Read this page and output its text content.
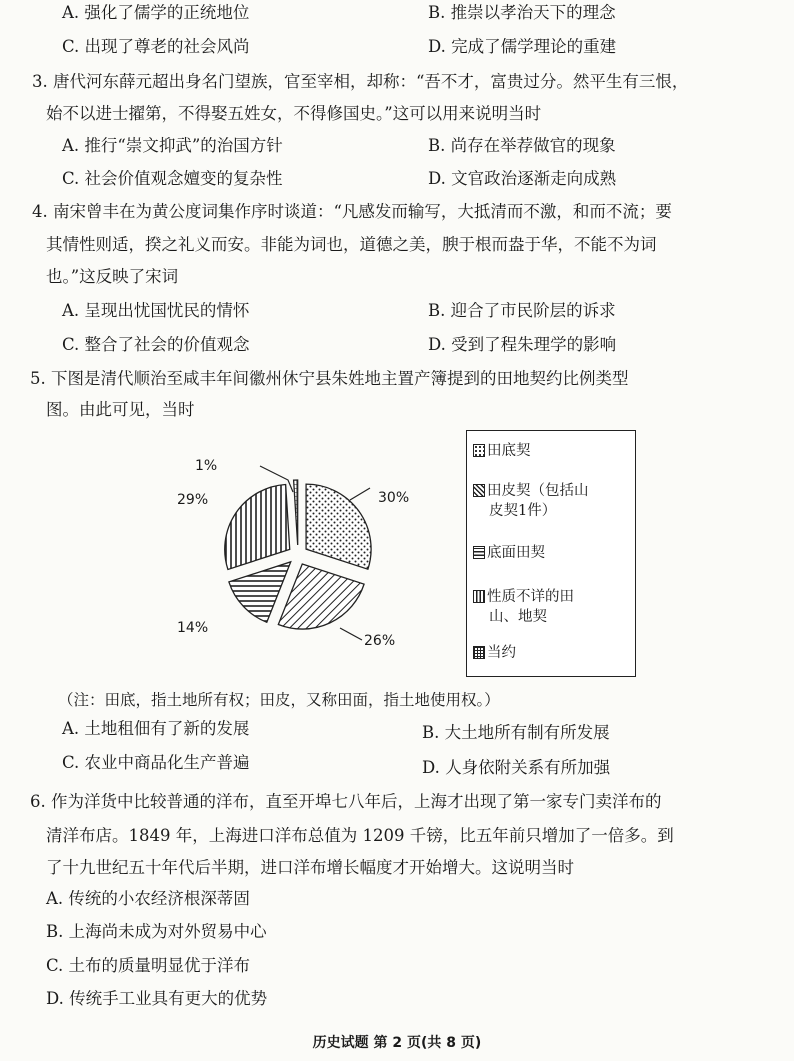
A. 强化了儒学的正统地位	B. 推崇以孝治天下的理念
C. 出现了尊老的社会风尚	D. 完成了儒学理论的重建
3. 唐代河东薛元超出身名门望族，官至宰相，却称：“吾不才，富贵过分。然平生有三恨，
始不以进士擢第，不得娶五姓女，不得修国史。”这可以用来说明当时
A. 推行“崇文抑武”的治国方针	B. 尚存在举荐做官的现象
C. 社会价值观念嬗变的复杂性	D. 文官政治逐渐走向成熟
4. 南宋曾丰在为黄公度词集作序时谈道：“凡感发而输写，大抵清而不激，和而不流；要
其情性则适，揆之礼义而安。非能为词也，道德之美，腴于根而盎于华，不能不为词
也。”这反映了宋词
A. 呈现出忧国忧民的情怀	B. 迎合了市民阶层的诉求
C. 整合了社会的价值观念	D. 受到了程朱理学的影响
5. 下图是清代顺治至咸丰年间徽州休宁县朱姓地主置产簿提到的田地契约比例类型
图。由此可见，当时
1%
30%
29%
14%
26%
田底契
田皮契（包括山
皮契1件）
底面田契
性质不详的田
山、地契
当约
（注：田底，指土地所有权；田皮，又称田面，指土地使用权。）
A. 土地租佃有了新的发展	B. 大土地所有制有所发展
C. 农业中商品化生产普遍	D. 人身依附关系有所加强
6. 作为洋货中比较普通的洋布，直至开埠七八年后，上海才出现了第一家专门卖洋布的
清洋布店。1849 年，上海进口洋布总值为 1209 千镑，比五年前只增加了一倍多。到
了十九世纪五十年代后半期，进口洋布增长幅度才开始增大。这说明当时
A. 传统的小农经济根深蒂固
B. 上海尚未成为对外贸易中心
C. 土布的质量明显优于洋布
D. 传统手工业具有更大的优势
历史试题 第 2 页(共 8 页)
